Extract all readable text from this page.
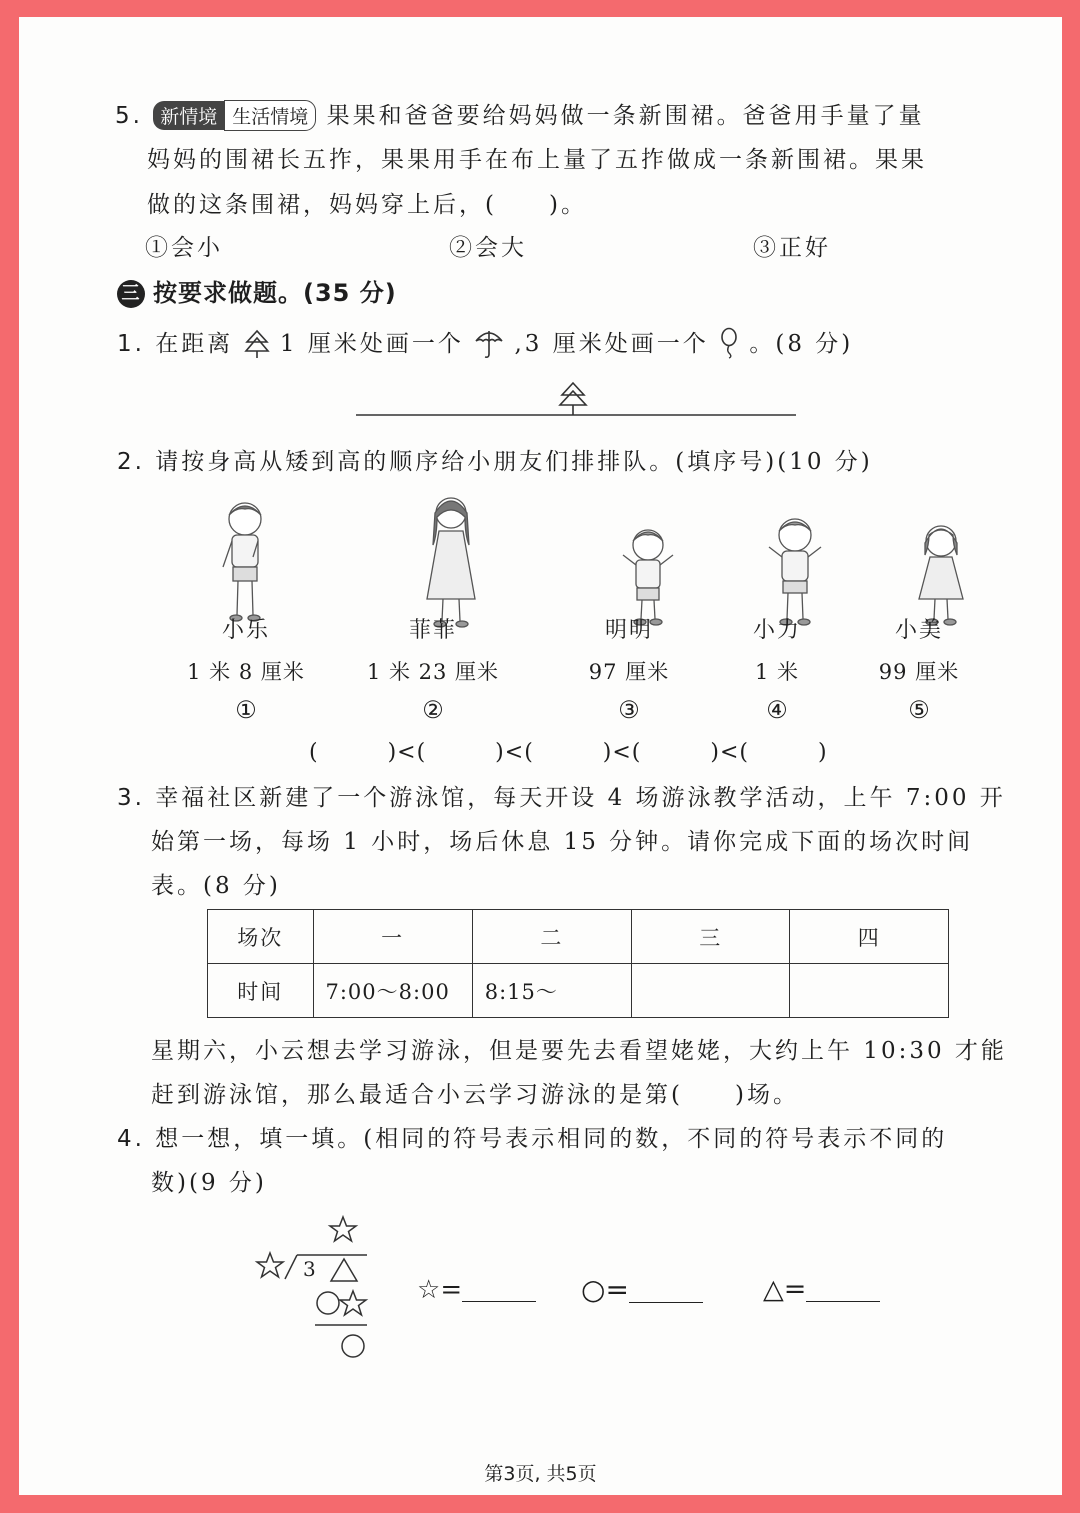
5. 新情境 生活情境 果果和爸爸要给妈妈做一条新围裙。爸爸用手量了量
妈妈的围裙长五拃，果果用手在布上量了五拃做成一条新围裙。果果
做的这条围裙，妈妈穿上后，(　　)。
①会小	②会大	③正好
三 按要求做题。(35 分)
1. 在距离 1 厘米处画一个 ,3 厘米处画一个 。(8 分)
2. 请按身高从矮到高的顺序给小朋友们排排队。(填序号)(10 分)
小乐
1 米 8 厘米
①
菲菲
1 米 23 厘米
②
明明
97 厘米
③
小力
1 米
④
小美
99 厘米
⑤
(　　　)<(　　　)<(　　　)<(　　　)<(　　　)
3. 幸福社区新建了一个游泳馆，每天开设 4 场游泳教学活动，上午 7:00 开
始第一场，每场 1 小时，场后休息 15 分钟。请你完成下面的场次时间
表。(8 分)
场次	一	二	三	四
时间	7:00～8:00	8:15～		
星期六，小云想去学习游泳，但是要先去看望姥姥，大约上午 10:30 才能
赶到游泳馆，那么最适合小云学习游泳的是第(　　)场。
4. 想一想，填一填。(相同的符号表示相同的数，不同的符号表示不同的
数)(9 分)
3
☆=	○=	△=
第3页, 共5页
